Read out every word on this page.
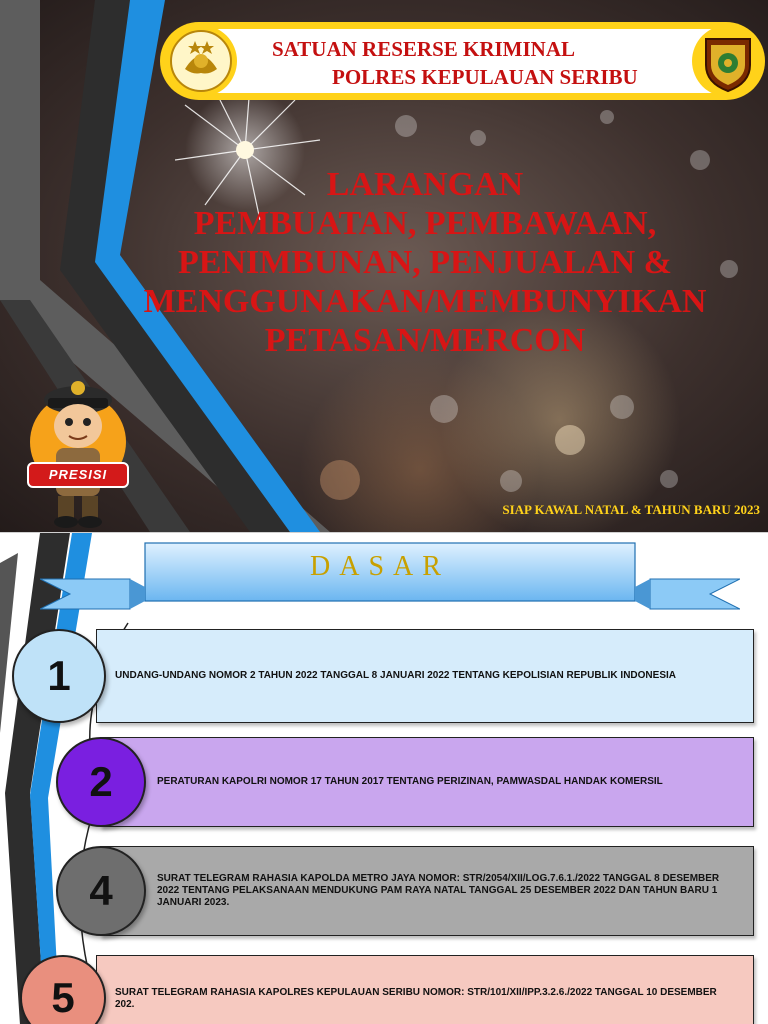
SATUAN RESERSE KRIMINAL
POLRES KEPULAUAN SERIBU
LARANGAN
PEMBUATAN, PEMBAWAAN,
PENIMBUNAN, PENJUALAN &
MENGGUNAKAN/MEMBUNYIKAN
PETASAN/MERCON
PRESISI
SIAP KAWAL NATAL & TAHUN BARU 2023
DASAR
UNDANG-UNDANG NOMOR 2 TAHUN 2022 TANGGAL 8 JANUARI 2022 TENTANG KEPOLISIAN REPUBLIK INDONESIA
1
PERATURAN KAPOLRI NOMOR 17 TAHUN 2017 TENTANG PERIZINAN, PAMWASDAL HANDAK KOMERSIL
2
SURAT TELEGRAM RAHASIA KAPOLDA METRO JAYA NOMOR: STR/2054/XII/LOG.7.6.1./2022 TANGGAL 8 DESEMBER 2022 TENTANG PELAKSANAAN MENDUKUNG PAM RAYA NATAL TANGGAL 25 DESEMBER 2022 DAN TAHUN BARU 1 JANUARI 2023.
4
SURAT TELEGRAM RAHASIA KAPOLRES KEPULAUAN SERIBU NOMOR: STR/101/XII/IPP.3.2.6./2022 TANGGAL 10 DESEMBER 202.
5
